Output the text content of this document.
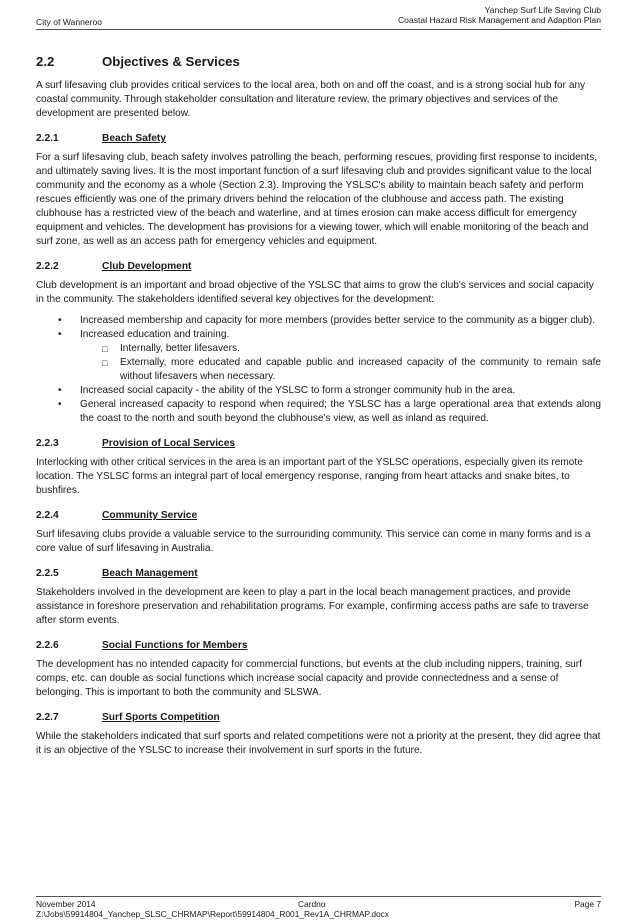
City of Wanneroo
Yanchep Surf Life Saving Club
Coastal Hazard Risk Management and Adaption Plan
2.2	Objectives & Services

A surf lifesaving club provides critical services to the local area, both on and off the coast, and is a strong social hub for any coastal community. Through stakeholder consultation and literature review, the primary objectives and services of the development are presented below.

2.2.1	Beach Safety

For a surf lifesaving club, beach safety involves patrolling the beach, performing rescues, providing first response to incidents, and ultimately saving lives. It is the most important function of a surf lifesaving club and provides significant value to the local community and the economy as a whole (Section 2.3). Improving the YSLSC's ability to maintain beach safety and perform rescues efficiently was one of the primary drivers behind the relocation of the clubhouse and access path. The existing clubhouse has a restricted view of the beach and waterline, and at times erosion can make access difficult for emergency equipment and vehicles. The development has provisions for a viewing tower, which will enable monitoring of the beach and surf zone, as well as an access path for emergency vehicles and equipment.

2.2.2	Club Development

Club development is an important and broad objective of the YSLSC that aims to grow the club's services and social capacity in the community. The stakeholders identified several key objectives for the development:

• Increased membership and capacity for more members (provides better service to the community as a bigger club).
• Increased education and training.
□ Internally, better lifesavers.
□ Externally, more educated and capable public and increased capacity of the community to remain safe without lifesavers when necessary.
• Increased social capacity - the ability of the YSLSC to form a stronger community hub in the area.
• General increased capacity to respond when required; the YSLSC has a large operational area that extends along the coast to the north and south beyond the clubhouse's view, as well as inland as required.
2.2.3	Provision of Local Services

Interlocking with other critical services in the area is an important part of the YSLSC operations, especially given its remote location. The YSLSC forms an integral part of local emergency response, ranging from heart attacks and snake bites, to bushfires.

2.2.4	Community Service

Surf lifesaving clubs provide a valuable service to the surrounding community. This service can come in many forms and is a core value of surf lifesaving in Australia.

2.2.5	Beach Management

Stakeholders involved in the development are keen to play a part in the local beach management practices, and provide assistance in foreshore preservation and rehabilitation programs. For example, confirming access paths are safe to traverse after storm events.

2.2.6	Social Functions for Members

The development has no intended capacity for commercial functions, but events at the club including nippers, training, surf comps, etc. can double as social functions which increase social capacity and provide connectedness and a sense of belonging. This is important to both the community and SLSWA.

2.2.7	Surf Sports Competition

While the stakeholders indicated that surf sports and related competitions were not a priority at the present, they did agree that it is an objective of the YSLSC to increase their involvement in surf sports in the future.

November 2014	Cardno	Page 7
Z:\Jobs\59914804_Yanchep_SLSC_CHRMAP\Report\59914804_R001_Rev1A_CHRMAP.docx
